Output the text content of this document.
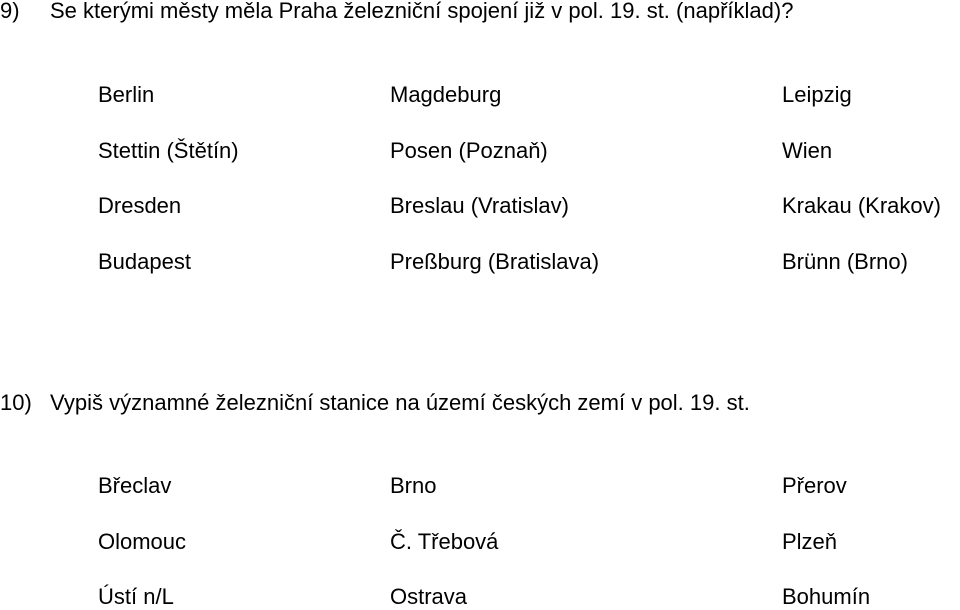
9) Se kterými městy měla Praha železniční spojení již v pol. 19. st. (například)?
Berlin	Magdeburg	Leipzig
Stettin (Štětín)	Posen (Poznaň)	Wien
Dresden	Breslau (Vratislav)	Krakau (Krakov)
Budapest	Preßburg (Bratislava)	Brünn (Brno)
10) Vypiš významné železniční stanice na území českých zemí v pol. 19. st.
Břeclav	Brno	Přerov
Olomouc	Č. Třebová	Plzeň
Ústí n/L	Ostrava	Bohumín
